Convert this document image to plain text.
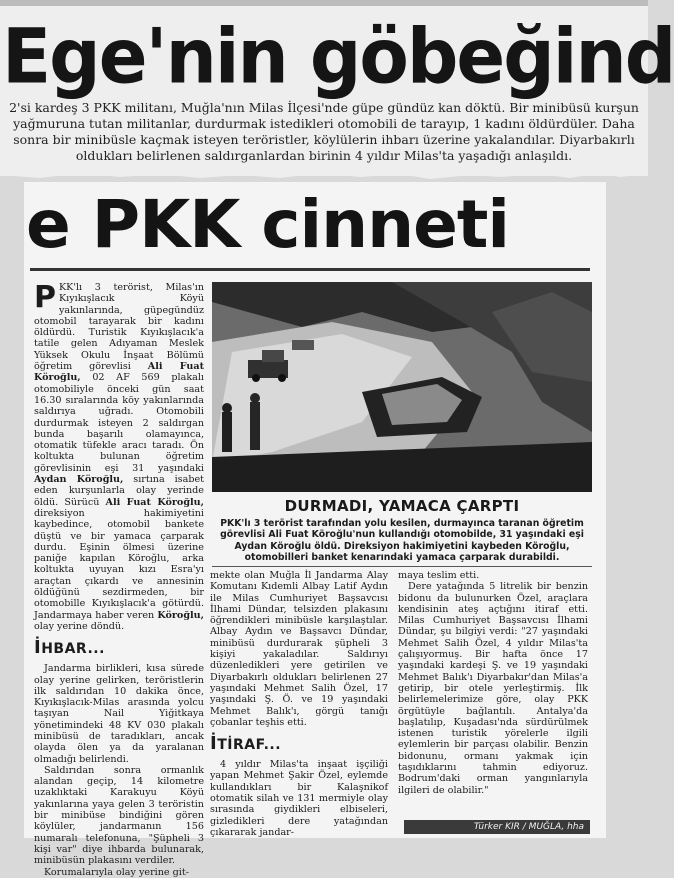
Ege'nin göbeğind
2'si kardeş 3 PKK militanı, Muğla'nın Milas İlçesi'nde güpe gündüz kan döktü. Bir minibüsü kurşun yağmuruna tutan militanlar, durdurmak istedikleri otomobili de tarayıp, 1 kadını öldürdüler. Daha sonra bir minibüsle kaçmak isteyen teröristler, köylülerin ihbarı üzerine yakalandılar. Diyarbakırlı oldukları belirlenen saldırganlardan birinin 4 yıldır Milas'ta yaşadığı anlaşıldı.
e PKK cinneti

PKK'lı 3 terörist, Milas'ın Kıyıkışlacık Köyü yakınlarında, güpegündüz otomobil tarayarak bir kadını öldürdü. Turistik Kıyıkışlacık'a tatile gelen Adıyaman Meslek Yüksek Okulu İnşaat Bölümü öğretim görevlisi Ali Fuat Köroğlu, 02 AF 569 plakalı otomobiliyle önceki gün saat 16.30 sıralarında köy yakınlarında saldırıya uğradı. Otomobili durdurmak isteyen 2 saldırgan bunda başarılı olamayınca, otomatik tüfekle aracı taradı. Ön koltukta bulunan öğretim görevlisinin eşi 31 yaşındaki Aydan Köroğlu, sırtına isabet eden kurşunlarla olay yerinde öldü. Sürücü Ali Fuat Köroğlu, direksiyon hakimiyetini kaybedince, otomobil bankete düştü ve bir yamaca çarparak durdu. Eşinin ölmesi üzerine paniğe kapılan Köroğlu, arka koltukta uyuyan kızı Esra'yı araçtan çıkardı ve annesinin öldüğünü sezdirmeden, bir otomobille Kıyıkışlacık'a götürdü. Jandarmaya haber veren Köroğlu, olay yerine döndü.

İHBAR...

Jandarma birlikleri, kısa sürede olay yerine gelirken, teröristlerin ilk saldırıdan 10 dakika önce, Kıyıkışlacık-Milas arasında yolcu taşıyan Nail Yiğitkaya yönetimindeki 48 KV 030 plakalı minibüsü de taradıkları, ancak olayda ölen ya da yaralanan olmadığı belirlendi.

Saldırıdan sonra ormanlık alandan geçip, 14 kilometre uzaklıktaki Karakuyu Köyü yakınlarına yaya gelen 3 teröristin bir minibüse bindiğini gören köylüler, jandarmanın 156 numaralı telefonuna, "Şüpheli 3 kişi var" diye ihbarda bulunarak, minibüsün plakasını verdiler.

Korumalarıyla olay yerine git-

DURMADI, YAMACA ÇARPTI
PKK'lı 3 terörist tarafından yolu kesilen, durmayınca taranan öğretim görevlisi Ali Fuat Köroğlu'nun kullandığı otomobilde, 31 yaşındaki eşi Aydan Köroğlu öldü. Direksiyon hakimiyetini kaybeden Köroğlu, otomobilleri banket kenarındaki yamaca çarparak durabildi.

mekte olan Muğla İl Jandarma Alay Komutanı Kıdemli Albay Latif Aydın ile Milas Cumhuriyet Başsavcısı İlhami Dündar, telsizden plakasını öğrendikleri minibüsle karşılaştılar. Albay Aydın ve Başsavcı Dündar, minibüsü durdurarak şüpheli 3 kişiyi yakaladılar. Saldırıyı düzenledikleri yere getirilen ve Diyarbakırlı oldukları belirlenen 27 yaşındaki Mehmet Salih Özel, 17 yaşındaki Ş. Ö. ve 19 yaşındaki Mehmet Balık'ı, görgü tanığı çobanlar teşhis etti.

İTİRAF...

4 yıldır Milas'ta inşaat işçiliği yapan Mehmet Şakir Özel, eylemde kullandıkları bir Kalaşnikof otomatik silah ve 131 mermiyle olay sırasında giydikleri elbiseleri, gizledikleri dere yatağından çıkararak jandar-

maya teslim etti.

Dere yatağında 5 litrelik bir benzin bidonu da bulunurken Özel, araçlara kendisinin ateş açtığını itiraf etti. Milas Cumhuriyet Başsavcısı İlhami Dündar, şu bilgiyi verdi: "27 yaşındaki Mehmet Salih Özel, 4 yıldır Milas'ta çalışıyormuş. Bir hafta önce 17 yaşındaki kardeşi Ş. ve 19 yaşındaki Mehmet Balık'ı Diyarbakır'dan Milas'a getirip, bir otele yerleştirmiş. İlk belirlemelerimize göre, olay PKK örgütüyle bağlantılı. Antalya'da başlatılıp, Kuşadası'nda sürdürülmek istenen turistik yörelerle ilgili eylemlerin bir parçası olabilir. Benzin bidonunu, ormanı yakmak için taşıdıklarını tahmin ediyoruz. Bodrum'daki orman yangınlarıyla ilgileri de olabilir."

Türker KIR / MUĞLA, hha
